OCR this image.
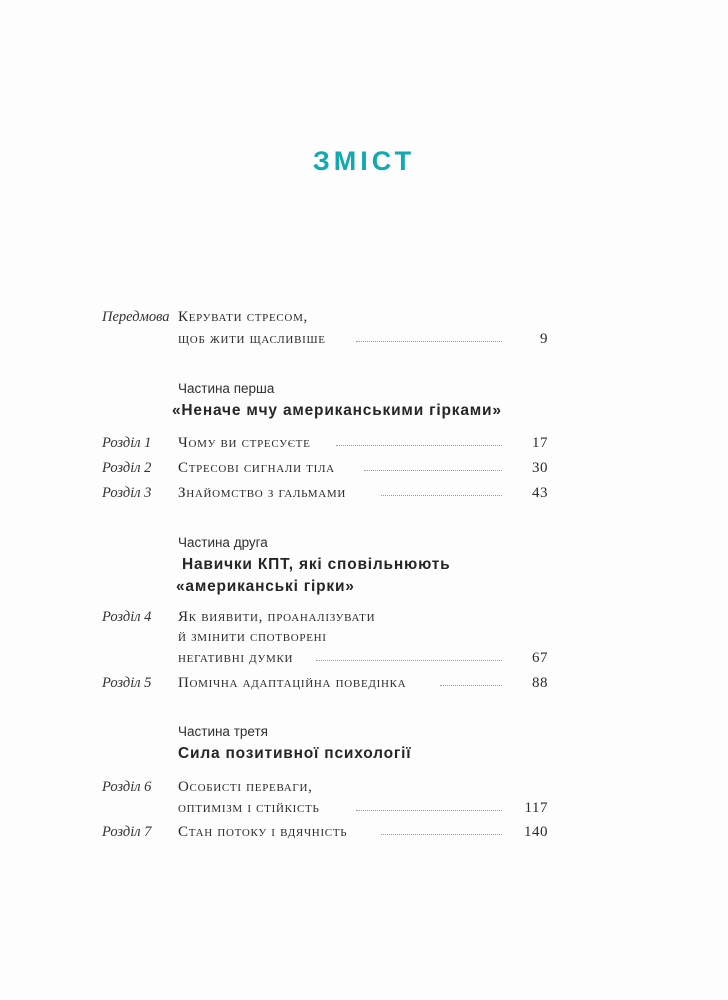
ЗМІСТ
Передмова Керувати стресом,
щоб жити щасливіше	9
Частина перша
«Неначе мчу американськими гірками»
Розділ 1	Чому ви стресуєте	17
Розділ 2	Стресові сигнали тіла	30
Розділ 3	Знайомство з гальмами	43
Частина друга
Навички КПТ, які сповільнюють
«американські гірки»
Розділ 4	Як виявити, проаналізувати
й змінити спотворені
негативні думки	67
Розділ 5	Помічна адаптаційна поведінка	88
Частина третя
Сила позитивної психології
Розділ 6	Особисті переваги,
оптимізм і стійкість	117
Розділ 7	Стан потоку і вдячність	140
